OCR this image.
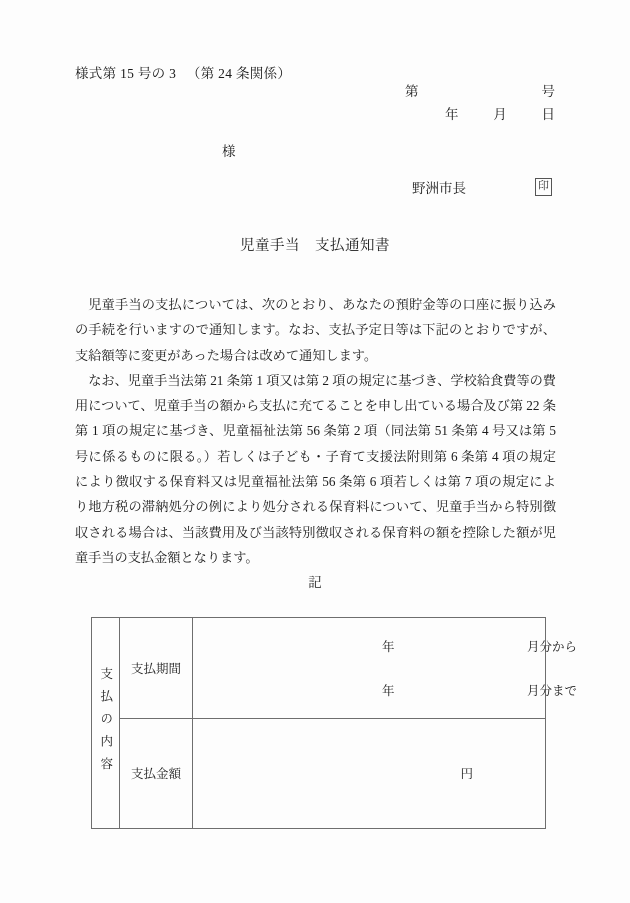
様式第 15 号の 3 　（第 24 条関係）
第	号
年	月	日
様
野洲市長	印
児童手当　支払通知書

児童手当の支払については、次のとおり、あなたの預貯金等の口座に振り込みの手続を行いますので通知します。なお、支払予定日等は下記のとおりですが、支給額等に変更があった場合は改めて通知します。

なお、児童手当法第 21 条第 1 項又は第 2 項の規定に基づき、学校給食費等の費用について、児童手当の額から支払に充てることを申し出ている場合及び第 22 条第 1 項の規定に基づき、児童福祉法第 56 条第 2 項（同法第 51 条第 4 号又は第 5 号に係るものに限る。）若しくは子ども・子育て支援法附則第 6 条第 4 項の規定により徴収する保育料又は児童福祉法第 56 条第 6 項若しくは第 7 項の規定により地方税の滞納処分の例により処分される保育料について、児童手当から特別徴収される場合は、当該費用及び当該特別徴収される保育料の額を控除した額が児童手当の支払金額となります。

記
支払の内容	支払期間	年 月分から
年 月分まで

	支払金額	円
